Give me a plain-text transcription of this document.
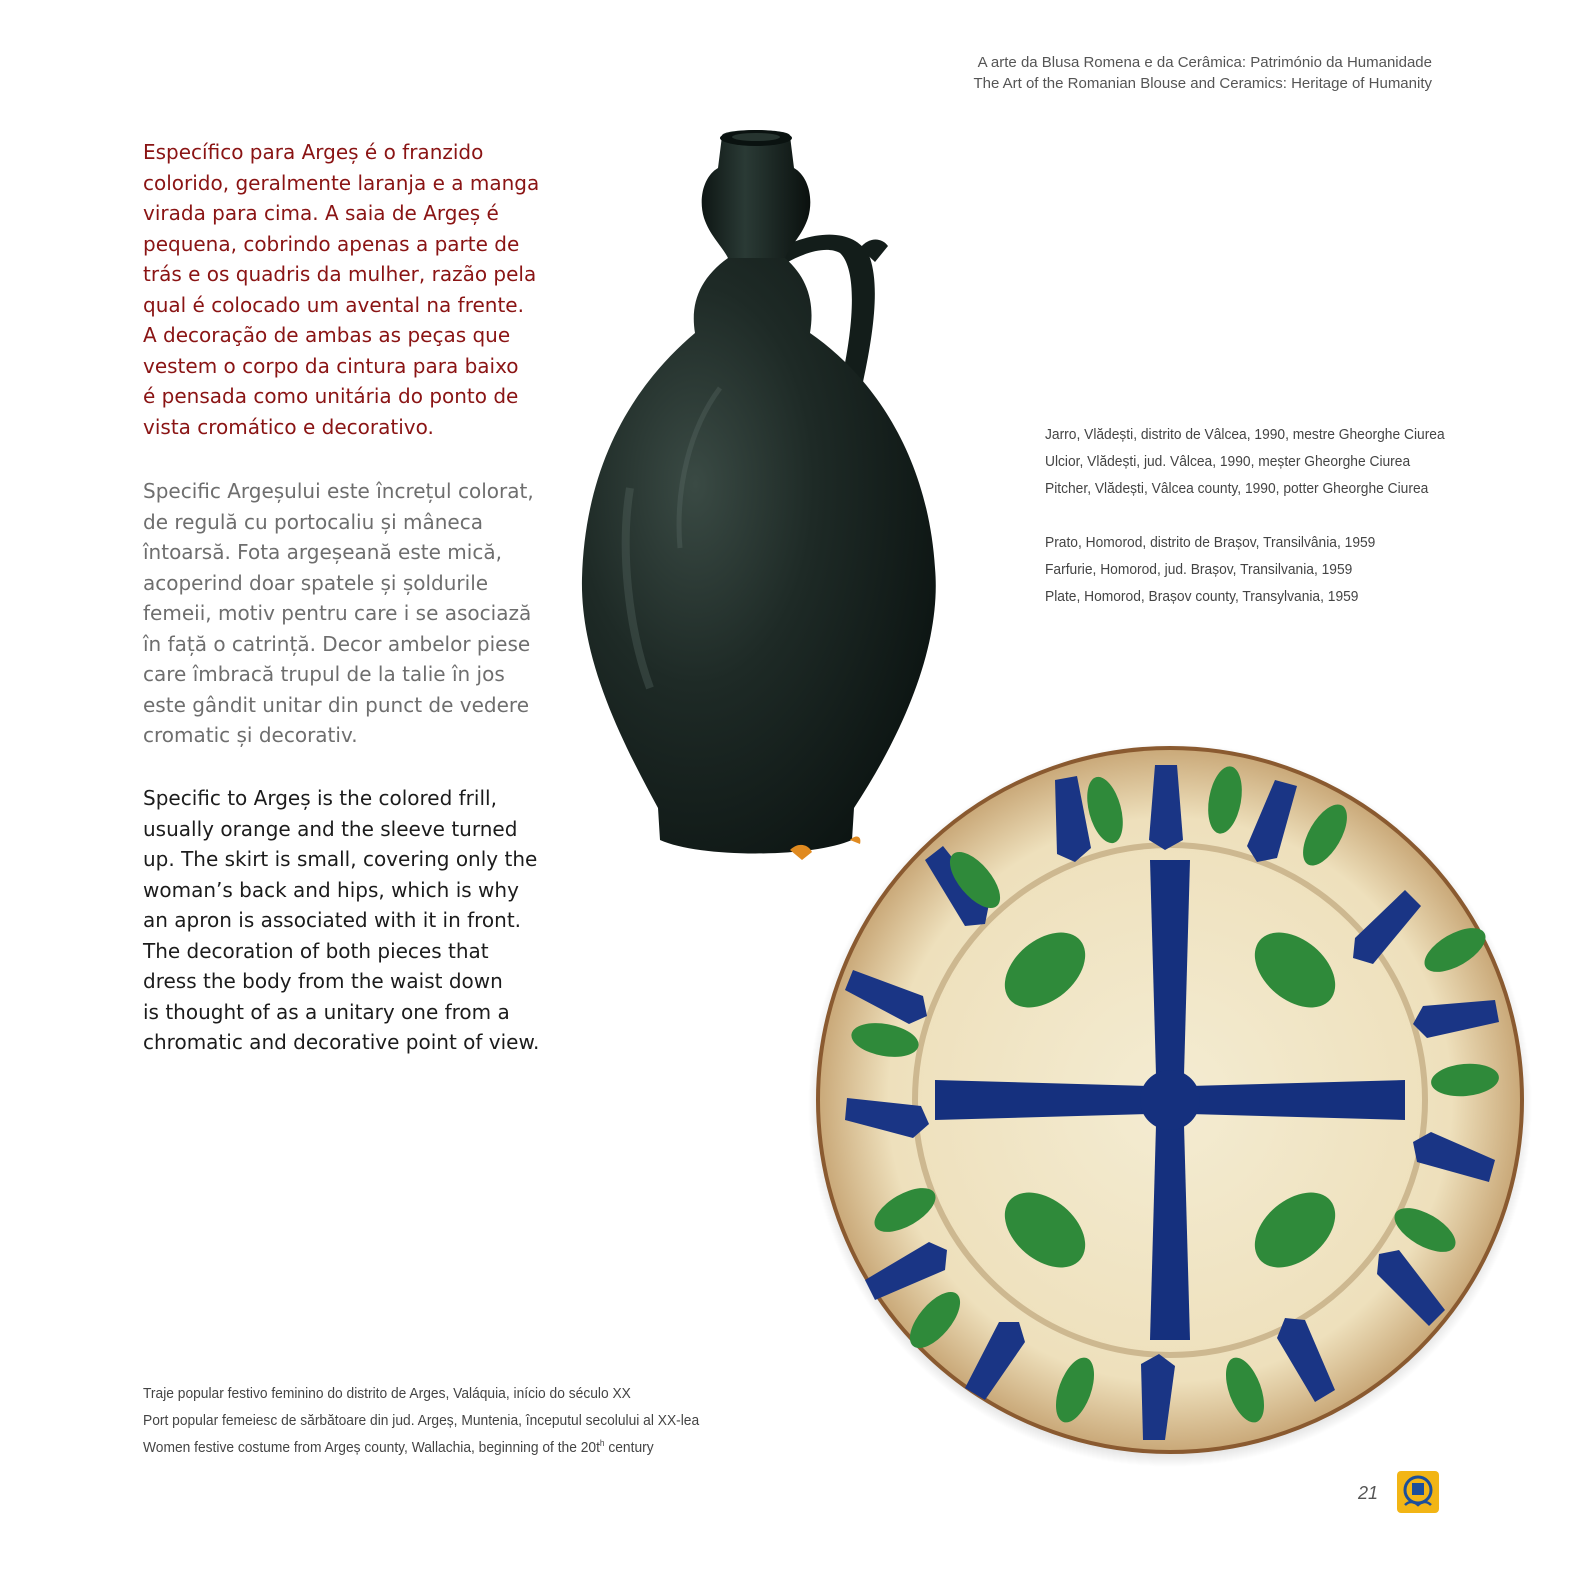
A arte da Blusa Romena e da Cerâmica: Património da Humanidade
The Art of the Romanian Blouse and Ceramics: Heritage of Humanity

Específico para Argeș é o franzido

colorido, geralmente laranja e a manga

virada para cima. A saia de Argeș é

pequena, cobrindo apenas a parte de

trás e os quadris da mulher, razão pela

qual é colocado um avental na frente.

A decoração de ambas as peças que

vestem o corpo da cintura para baixo

é pensada como unitária do ponto de

vista cromático e decorativo.

Specific Argeșului este încrețul colorat,

de regulă cu portocaliu și mâneca

întoarsă. Fota argeșeană este mică,

acoperind doar spatele și șoldurile

femeii, motiv pentru care i se asociază

în față o catrință. Decor ambelor piese

care îmbracă trupul de la talie în jos

este gândit unitar din punct de vedere

cromatic și decorativ.

Specific to Argeș is the colored frill,

usually orange and the sleeve turned

up. The skirt is small, covering only the

woman’s back and hips, which is why

an apron is associated with it in front.

The decoration of both pieces that

dress the body from the waist down

is thought of as a unitary one from a

chromatic and decorative point of view.

Jarro, Vlădești, distrito de Vâlcea, 1990, mestre Gheorghe Ciurea

Ulcior, Vlădești, jud. Vâlcea, 1990, meșter Gheorghe Ciurea

Pitcher, Vlădești, Vâlcea county, 1990, potter Gheorghe Ciurea

Prato, Homorod, distrito de Brașov, Transilvânia, 1959

Farfurie, Homorod, jud. Brașov, Transilvania, 1959

Plate, Homorod, Brașov county, Transylvania, 1959

Traje popular festivo feminino do distrito de Arges, Valáquia, início do século XX

Port popular femeiesc de sărbătoare din jud. Argeș, Muntenia, începutul secolului al XX-lea

Women festive costume from Argeș county, Wallachia, beginning of the $20t^h$ century

21
